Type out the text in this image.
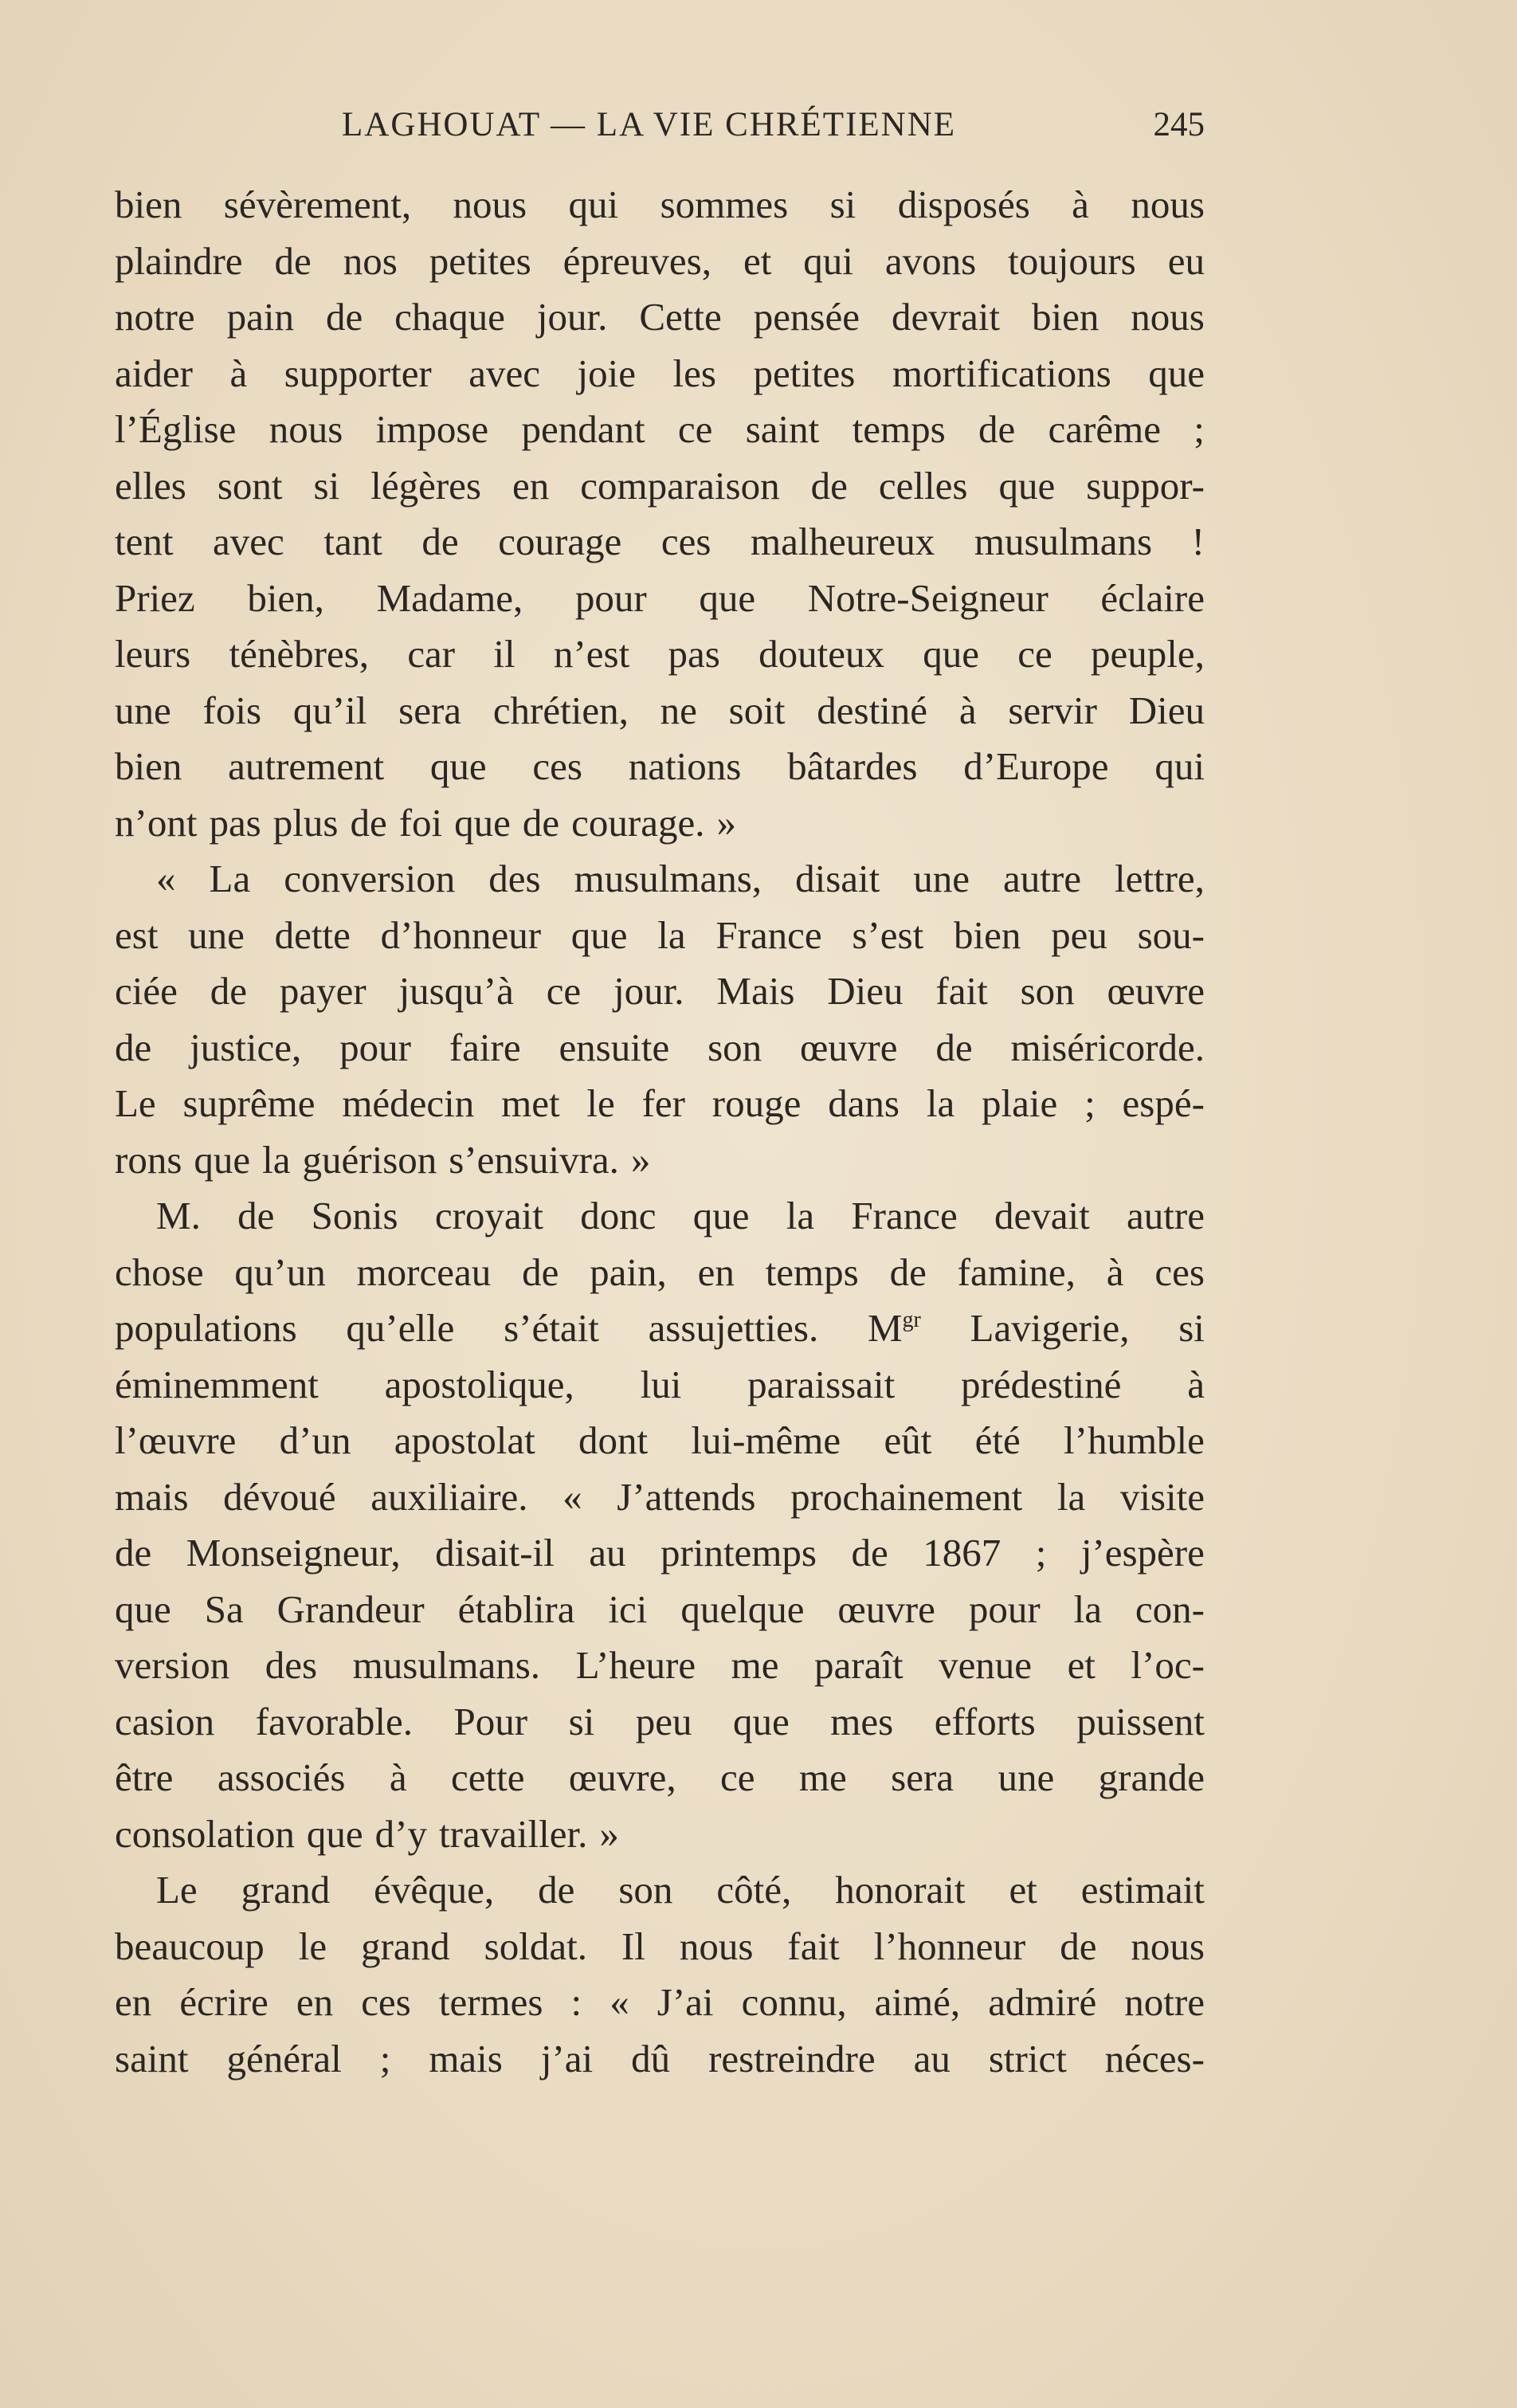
LAGHOUAT — LA VIE CHRÉTIENNE	245
bien sévèrement, nous qui sommes si disposés à nous
plaindre de nos petites épreuves, et qui avons toujours eu
notre pain de chaque jour. Cette pensée devrait bien nous
aider à supporter avec joie les petites mortifications que
l’Église nous impose pendant ce saint temps de carême ;
elles sont si légères en comparaison de celles que suppor-
tent avec tant de courage ces malheureux musulmans !
Priez bien, Madame, pour que Notre-Seigneur éclaire
leurs ténèbres, car il n’est pas douteux que ce peuple,
une fois qu’il sera chrétien, ne soit destiné à servir Dieu
bien autrement que ces nations bâtardes d’Europe qui
n’ont pas plus de foi que de courage. »
« La conversion des musulmans, disait une autre lettre,
est une dette d’honneur que la France s’est bien peu sou-
ciée de payer jusqu’à ce jour. Mais Dieu fait son œuvre
de justice, pour faire ensuite son œuvre de miséricorde.
Le suprême médecin met le fer rouge dans la plaie ; espé-
rons que la guérison s’ensuivra. »
M. de Sonis croyait donc que la France devait autre
chose qu’un morceau de pain, en temps de famine, à ces
populations qu’elle s’était assujetties. $M^{gr}$ Lavigerie, si
éminemment apostolique, lui paraissait prédestiné à
l’œuvre d’un apostolat dont lui-même eût été l’humble
mais dévoué auxiliaire. « J’attends prochainement la visite
de Monseigneur, disait-il au printemps de 1867 ; j’espère
que Sa Grandeur établira ici quelque œuvre pour la con-
version des musulmans. L’heure me paraît venue et l’oc-
casion favorable. Pour si peu que mes efforts puissent
être associés à cette œuvre, ce me sera une grande
consolation que d’y travailler. »
Le grand évêque, de son côté, honorait et estimait
beaucoup le grand soldat. Il nous fait l’honneur de nous
en écrire en ces termes : « J’ai connu, aimé, admiré notre
saint général ; mais j’ai dû restreindre au strict néces-
